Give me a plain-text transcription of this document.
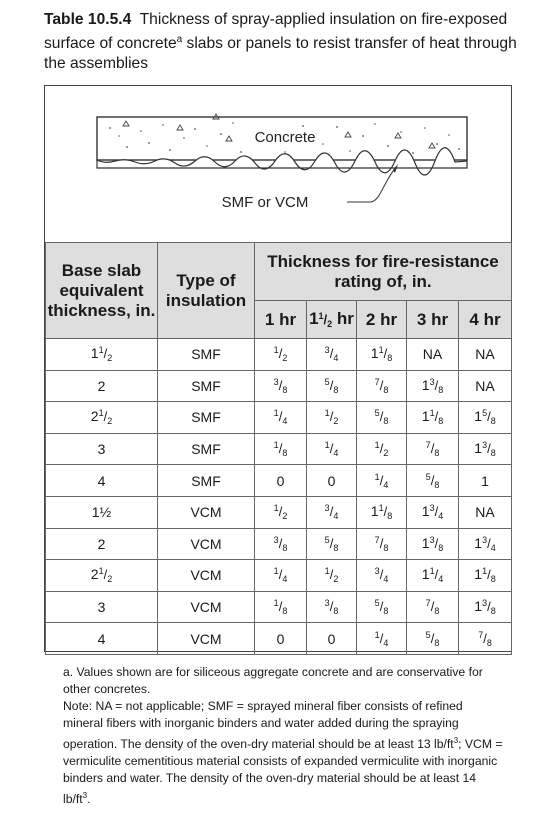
Table 10.5.4 Thickness of spray-applied insulation on fire-exposed surface of concrete$^a$ slabs or panels to resist transfer of heat through the assemblies
Concrete
SMF or VCM
Base slab equivalent thickness, in.	Type of insulation	Thickness for fire-resistance rating of, in.				
		1 hr	$1^1/_2$ hr	2 hr	3 hr	4 hr
$1^1/_2$	SMF	$^1/_2$	$^3/_4$	$1^1/_8$	NA	NA
2	SMF	$^3/_8$	$^5/_8$	$^7/_8$	$1^3/_8$	NA
$2^1/_2$	SMF	$^1/_4$	$^1/_2$	$^5/_8$	$1^1/_8$	$1^5/_8$
3	SMF	$^1/_8$	$^1/_4$	$^1/_2$	$^7/_8$	$1^3/_8$
4	SMF	0	0	$^1/_4$	$^5/_8$	1
1½	VCM	$^1/_2$	$^3/_4$	$1^1/_8$	$1^3/_4$	NA
2	VCM	$^3/_8$	$^5/_8$	$^7/_8$	$1^3/_8$	$1^3/_4$
$2^1/_2$	VCM	$^1/_4$	$^1/_2$	$^3/_4$	$1^1/_4$	$1^1/_8$
3	VCM	$^1/_8$	$^3/_8$	$^5/_8$	$^7/_8$	$1^3/_8$
4	VCM	0	0	$^1/_4$	$^5/_8$	$^7/_8$

a. Values shown are for siliceous aggregate concrete and are conservative for other concretes.

Note: NA = not applicable; SMF = sprayed mineral fiber consists of refined mineral fibers with inorganic binders and water added during the spraying operation. The density of the oven-dry material should be at least 13 $lb/ft^3$; VCM = vermiculite cementitious material consists of expanded vermiculite with inorganic binders and water. The density of the oven-dry material should be at least 14 $lb/ft^3$.
